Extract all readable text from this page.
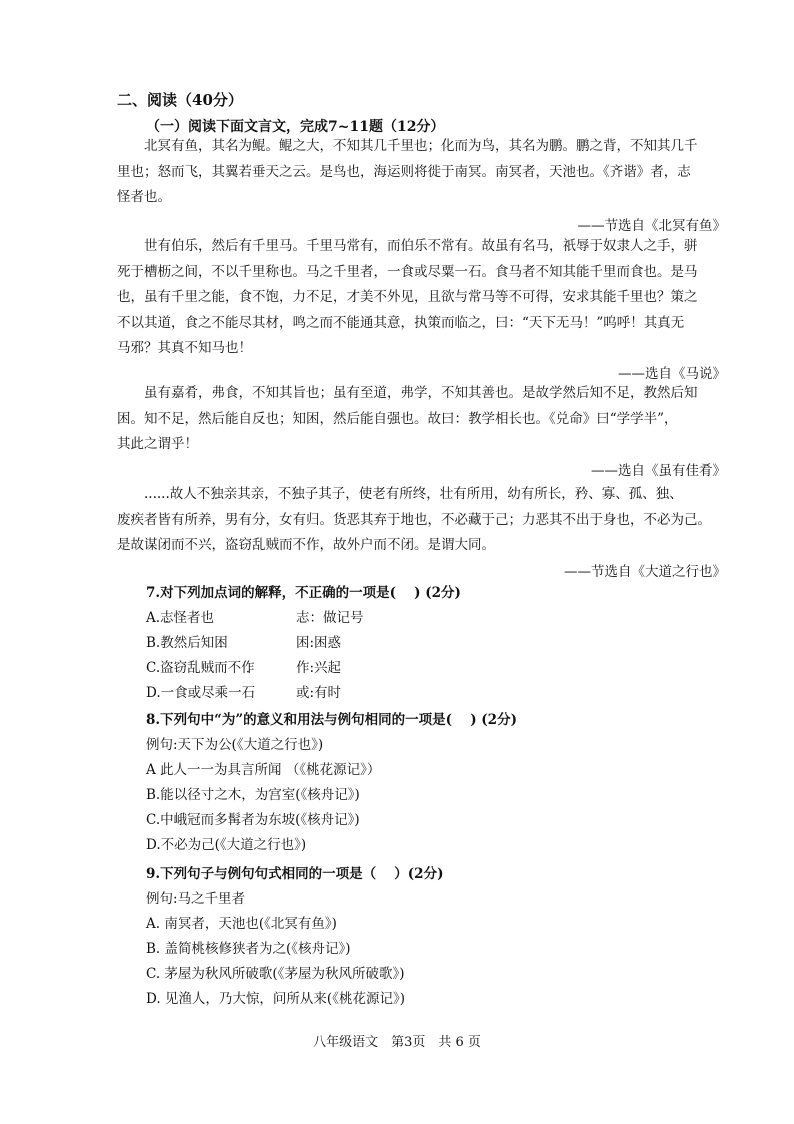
二、阅读（40分）
（一）阅读下面文言文，完成7~11题（12分）

北冥有鱼，其名为鲲。鲲之大，不知其几千里也；化而为鸟，其名为鹏。鹏之背，不知其几千

里也；怒而飞，其翼若垂天之云。是鸟也，海运则将徙于南冥。南冥者，天池也。《齐谐》者，志

怪者也。

——节选自《北冥有鱼》

世有伯乐，然后有千里马。千里马常有，而伯乐不常有。故虽有名马，祇辱于奴隶人之手，骈

死于槽枥之间，不以千里称也。马之千里者，一食或尽粟一石。食马者不知其能千里而食也。是马

也，虽有千里之能，食不饱，力不足，才美不外见，且欲与常马等不可得，安求其能千里也？策之

不以其道，食之不能尽其材，鸣之而不能通其意，执策而临之，曰：“天下无马！”呜呼！其真无

马邪？其真不知马也！

——选自《马说》

虽有嘉肴，弗食，不知其旨也；虽有至道，弗学，不知其善也。是故学然后知不足，教然后知

困。知不足，然后能自反也；知困，然后能自强也。故曰：教学相长也。《兑命》曰“学学半”，

其此之谓乎！

——选自《虽有佳肴》

......故人不独亲其亲，不独子其子，使老有所终，壮有所用，幼有所长，矜、寡、孤、独、

废疾者皆有所养，男有分，女有归。货恶其弃于地也，不必藏于己；力恶其不出于身也，不必为己。

是故谋闭而不兴，盗窃乱贼而不作，故外户而不闭。是谓大同。

——节选自《大道之行也》
7.对下列加点词的解释，不正确的一项是(　 ) (2分)
A.志怪者也	志：做记号
B.教然后知困	困:困惑
C.盗窃乱贼而不作	作:兴起
D.一食或尽乘一石	或:有时
8.下列句中“为”的意义和用法与例句相同的一项是(　 ) (2分)
例句:天下为公(《大道之行也》)
A 此人一一为具言所闻 （《桃花源记》）
B.能以径寸之木，为宫室(《核舟记》)
C.中峨冠而多髯者为东坡(《核舟记》)
D.不必为己(《大道之行也》)
9.下列句子与例句句式相同的一项是（　 ）(2分)
例句:马之千里者
A. 南冥者，天池也(《北冥有鱼》)
B. 盖简桃核修狭者为之(《核舟记》)
C. 茅屋为秋风所破歌(《茅屋为秋风所破歌》)
D. 见渔人，乃大惊，问所从来(《桃花源记》)
八年级语文　第3页　共 6 页
